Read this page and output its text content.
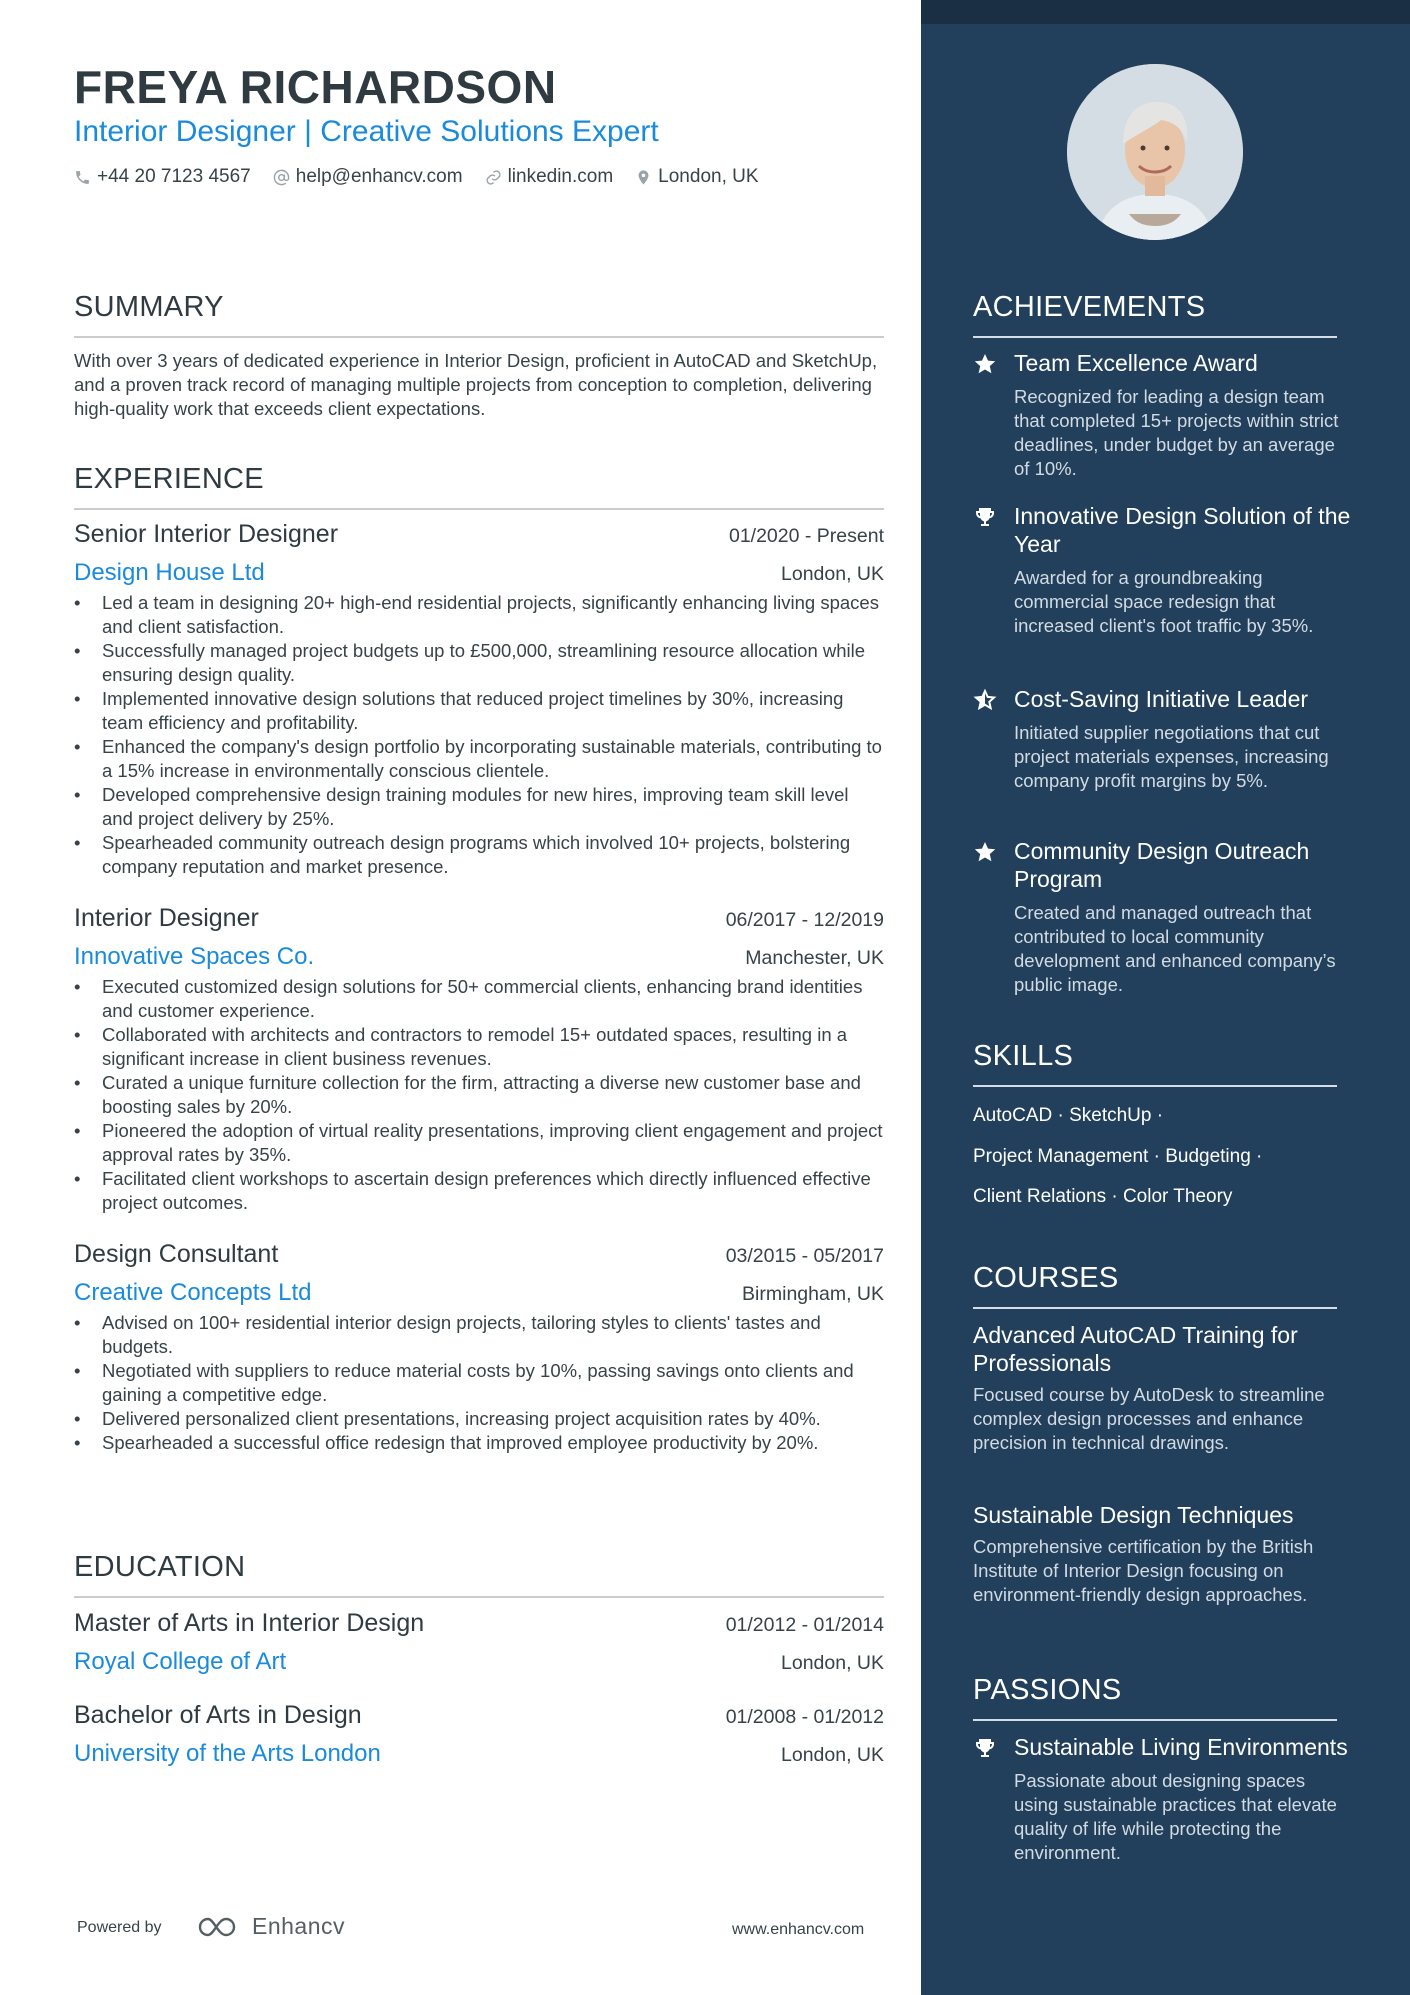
FREYA RICHARDSON
Interior Designer | Creative Solutions Expert
+44 20 7123 4567 help@enhancv.com linkedin.com London, UK
SUMMARY
With over 3 years of dedicated experience in Interior Design, proficient in AutoCAD and SketchUp, and a proven track record of managing multiple projects from conception to completion, delivering high-quality work that exceeds client expectations.
EXPERIENCE
Senior Interior Designer	01/2020 - Present
Design House Ltd	London, UK
• Led a team in designing 20+ high-end residential projects, significantly enhancing living spaces and client satisfaction.
• Successfully managed project budgets up to £500,000, streamlining resource allocation while ensuring design quality.
• Implemented innovative design solutions that reduced project timelines by 30%, increasing team efficiency and profitability.
• Enhanced the company's design portfolio by incorporating sustainable materials, contributing to a 15% increase in environmentally conscious clientele.
• Developed comprehensive design training modules for new hires, improving team skill level and project delivery by 25%.
• Spearheaded community outreach design programs which involved 10+ projects, bolstering company reputation and market presence.
Interior Designer	06/2017 - 12/2019
Innovative Spaces Co.	Manchester, UK
• Executed customized design solutions for 50+ commercial clients, enhancing brand identities and customer experience.
• Collaborated with architects and contractors to remodel 15+ outdated spaces, resulting in a significant increase in client business revenues.
• Curated a unique furniture collection for the firm, attracting a diverse new customer base and boosting sales by 20%.
• Pioneered the adoption of virtual reality presentations, improving client engagement and project approval rates by 35%.
• Facilitated client workshops to ascertain design preferences which directly influenced effective project outcomes.
Design Consultant	03/2015 - 05/2017
Creative Concepts Ltd	Birmingham, UK
• Advised on 100+ residential interior design projects, tailoring styles to clients' tastes and budgets.
• Negotiated with suppliers to reduce material costs by 10%, passing savings onto clients and gaining a competitive edge.
• Delivered personalized client presentations, increasing project acquisition rates by 40%.
• Spearheaded a successful office redesign that improved employee productivity by 20%.
EDUCATION
Master of Arts in Interior Design	01/2012 - 01/2014
Royal College of Art	London, UK
Bachelor of Arts in Design	01/2008 - 01/2012
University of the Arts London	London, UK
Powered by	Enhancv	www.enhancv.com
ACHIEVEMENTS
Team Excellence Award
Recognized for leading a design team that completed 15+ projects within strict deadlines, under budget by an average of 10%.
Innovative Design Solution of the Year
Awarded for a groundbreaking commercial space redesign that increased client's foot traffic by 35%.
Cost-Saving Initiative Leader
Initiated supplier negotiations that cut project materials expenses, increasing company profit margins by 5%.
Community Design Outreach Program
Created and managed outreach that contributed to local community development and enhanced company’s public image.
SKILLS
AutoCAD · SketchUp ·
Project Management · Budgeting ·
Client Relations · Color Theory
COURSES
Advanced AutoCAD Training for Professionals
Focused course by AutoDesk to streamline complex design processes and enhance precision in technical drawings.
Sustainable Design Techniques
Comprehensive certification by the British Institute of Interior Design focusing on environment-friendly design approaches.
PASSIONS
Sustainable Living Environments
Passionate about designing spaces using sustainable practices that elevate quality of life while protecting the environment.
